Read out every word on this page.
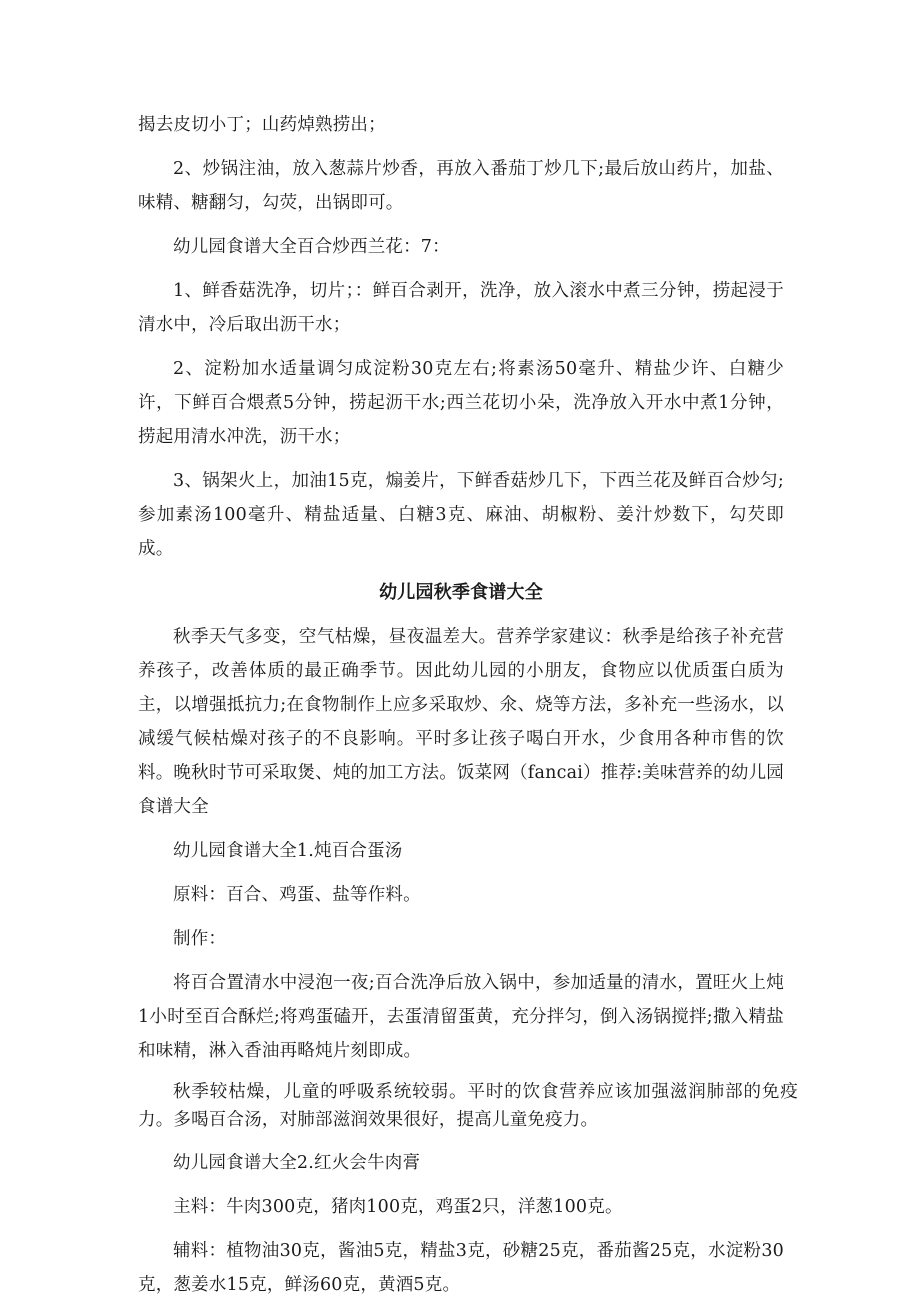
揭去皮切小丁；山药焯熟捞出；

2、炒锅注油，放入葱蒜片炒香，再放入番茄丁炒几下;最后放山药片，加盐、味精、糖翻匀，勾荧，出锅即可。

幼儿园食谱大全百合炒西兰花：7：

1、鲜香菇洗净，切片；：鲜百合剥开，洗净，放入滚水中煮三分钟，捞起浸于清水中，冷后取出沥干水；

2、淀粉加水适量调匀成淀粉30克左右;将素汤50毫升、精盐少许、白糖少许，下鲜百合煨煮5分钟，捞起沥干水;西兰花切小朵，洗净放入开水中煮1分钟，捞起用清水冲洗，沥干水；

3、锅架火上，加油15克，煽姜片，下鲜香菇炒几下，下西兰花及鲜百合炒匀;参加素汤100毫升、精盐适量、白糖3克、麻油、胡椒粉、姜汁炒数下，勾芡即成。

幼儿园秋季食谱大全

秋季天气多变，空气枯燥，昼夜温差大。营养学家建议：秋季是给孩子补充营养孩子，改善体质的最正确季节。因此幼儿园的小朋友，食物应以优质蛋白质为主，以增强抵抗力;在食物制作上应多采取炒、氽、烧等方法，多补充一些汤水，以减缓气候枯燥对孩子的不良影响。平时多让孩子喝白开水，少食用各种市售的饮料。晚秋时节可采取煲、炖的加工方法。饭菜网（fancai）推荐:美味营养的幼儿园食谱大全

幼儿园食谱大全1.炖百合蛋汤

原料：百合、鸡蛋、盐等作料。

制作：

将百合置清水中浸泡一夜;百合洗净后放入锅中，参加适量的清水，置旺火上炖1小时至百合酥烂;将鸡蛋磕开，去蛋清留蛋黄，充分拌匀，倒入汤锅搅拌;撒入精盐和味精，淋入香油再略炖片刻即成。

秋季较枯燥，儿童的呼吸系统较弱。平时的饮食营养应该加强滋润肺部的免疫力。多喝百合汤，对肺部滋润效果很好，提高儿童免疫力。

幼儿园食谱大全2.红火会牛肉膏

主料：牛肉300克，猪肉100克，鸡蛋2只，洋葱100克。

辅料：植物油30克，酱油5克，精盐3克，砂糖25克，番茄酱25克，水淀粉30克，葱姜水15克，鲜汤60克，黄酒5克。
